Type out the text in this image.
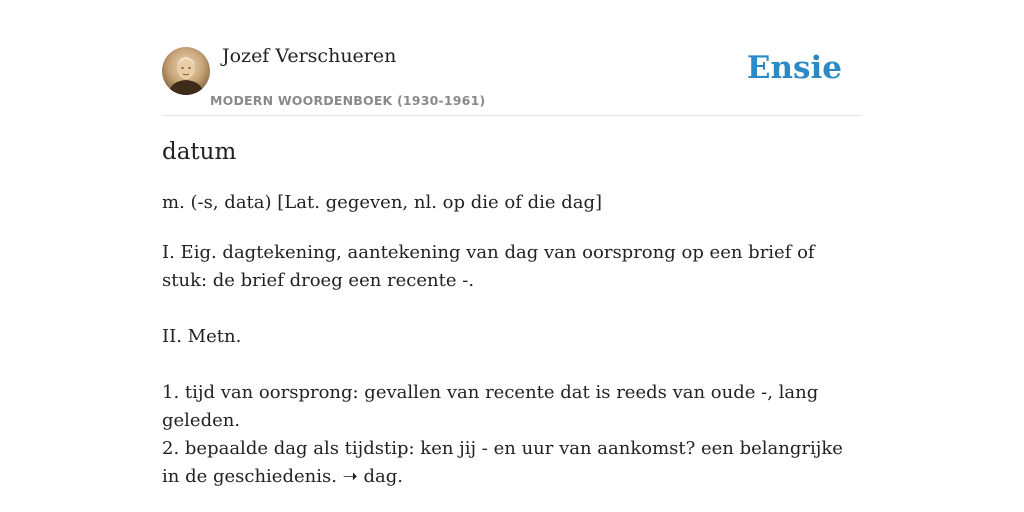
Jozef Verschueren
MODERN WOORDENBOEK (1930-1961)
Ensie
datum
m. (-s, data) [Lat. gegeven, nl. op die of die dag]

I. Eig. dagtekening, aantekening van dag van oorsprong op een brief of stuk: de brief droeg een recente -.

II. Metn.

1. tijd van oorsprong: gevallen van recente dat is reeds van oude -, lang geleden.

2. bepaalde dag als tijdstip: ken jij - en uur van aankomst? een belangrijke in de geschiedenis. ➝ dag.
